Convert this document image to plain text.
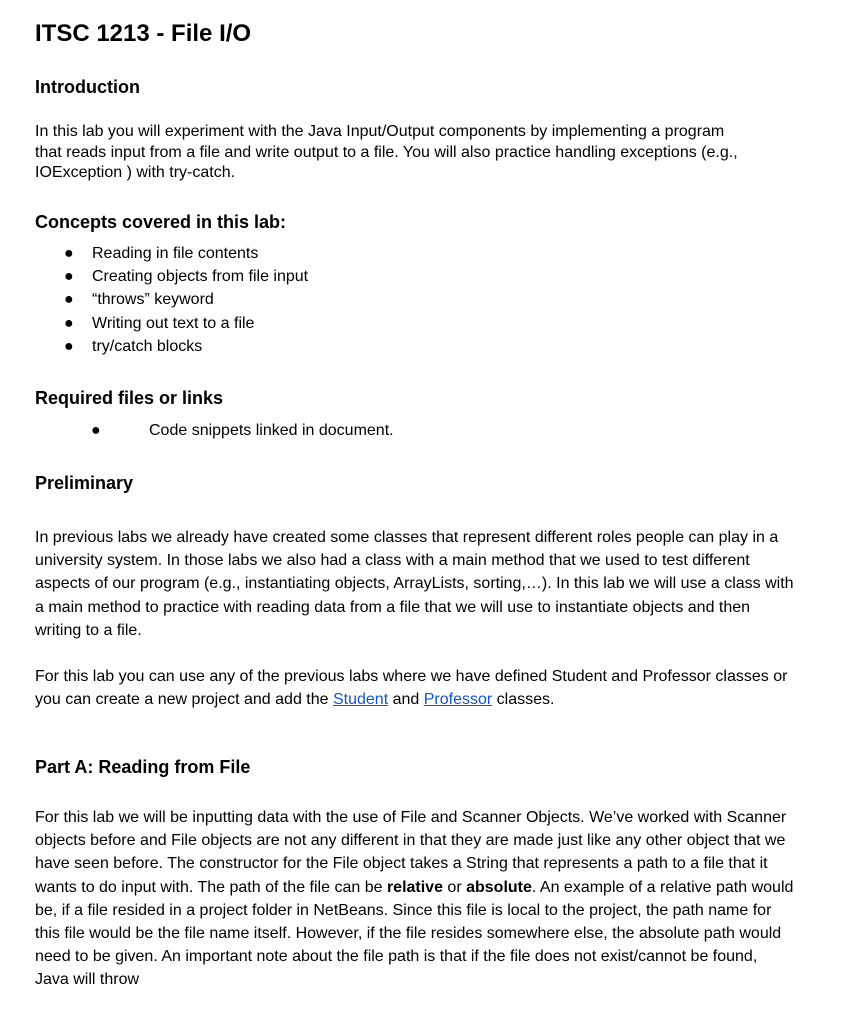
ITSC 1213 - File I/O
Introduction

In this lab you will experiment with the Java Input/Output components by implementing a program that reads input from a file and write output to a file. You will also practice handling exceptions (e.g., IOException ) with try-catch.

Concepts covered in this lab:
● Reading in file contents
● Creating objects from file input
● “throws” keyword
● Writing out text to a file
● try/catch blocks
Required files or links
●	Code snippets linked in document.
Preliminary

In previous labs we already have created some classes that represent different roles people can play in a university system. In those labs we also had a class with a main method that we used to test different aspects of our program (e.g., instantiating objects, ArrayLists, sorting,…). In this lab we will use a class with a main method to practice with reading data from a file that we will use to instantiate objects and then writing to a file.

For this lab you can use any of the previous labs where we have defined Student and Professor classes or you can create a new project and add the Student and Professor classes.

Part A: Reading from File

For this lab we will be inputting data with the use of File and Scanner Objects. We’ve worked with Scanner objects before and File objects are not any different in that they are made just like any other object that we have seen before. The constructor for the File object takes a String that represents a path to a file that it wants to do input with. The path of the file can be relative or absolute. An example of a relative path would be, if a file resided in a project folder in NetBeans. Since this file is local to the project, the path name for this file would be the file name itself. However, if the file resides somewhere else, the absolute path would need to be given. An important note about the file path is that if the file does not exist/cannot be found, Java will throw
